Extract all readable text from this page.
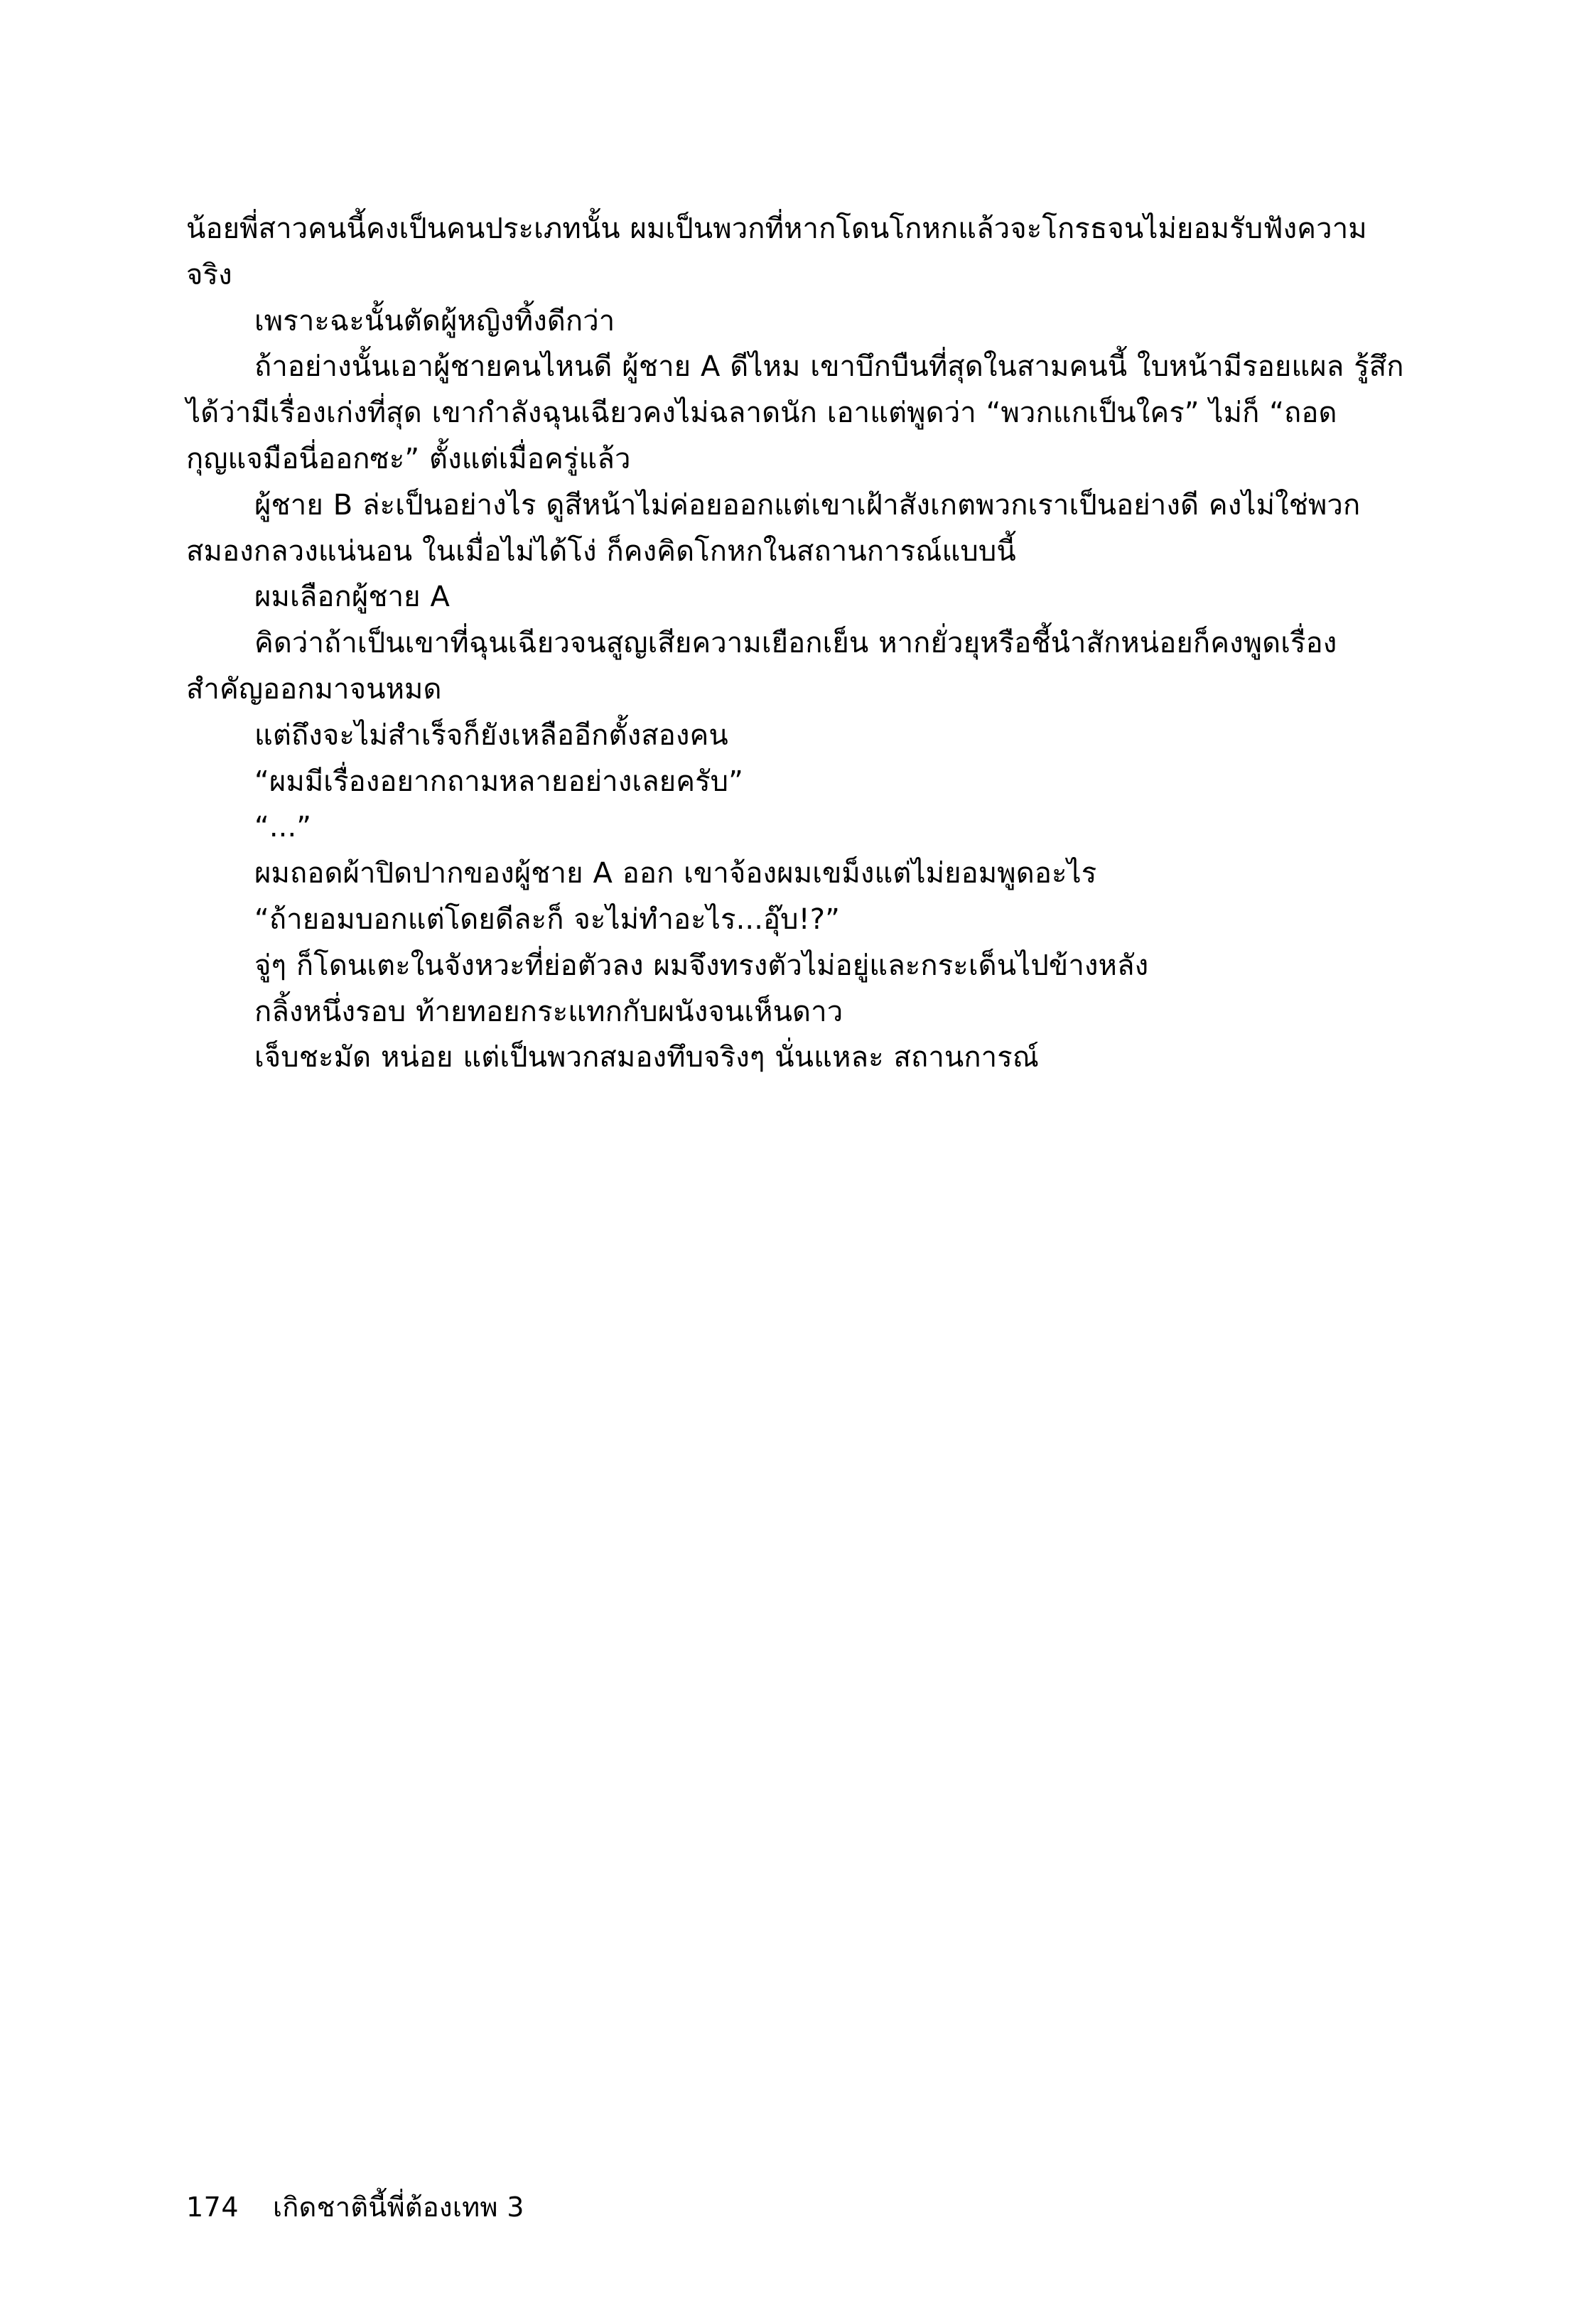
น้อยพี่สาวคนนี้คงเป็นคนประเภทนั้น ผมเป็นพวกที่หากโดนโกหกแล้วจะโกรธจนไม่ยอมรับฟังความจริง

เพราะฉะนั้นตัดผู้หญิงทิ้งดีกว่า

ถ้าอย่างนั้นเอาผู้ชายคนไหนดี ผู้ชาย A ดีไหม เขาบึกบืนที่สุดในสามคนนี้ ใบหน้ามีรอยแผล รู้สึกได้ว่ามีเรื่องเก่งที่สุด เขากำลังฉุนเฉียวคงไม่ฉลาดนัก เอาแต่พูดว่า “พวกแกเป็นใคร” ไม่ก็ “ถอดกุญแจมือนี่ออกซะ” ตั้งแต่เมื่อครู่แล้ว

ผู้ชาย B ล่ะเป็นอย่างไร ดูสีหน้าไม่ค่อยออกแต่เขาเฝ้าสังเกตพวกเราเป็นอย่างดี คงไม่ใช่พวกสมองกลวงแน่นอน ในเมื่อไม่ได้โง่ ก็คงคิดโกหกในสถานการณ์แบบนี้

ผมเลือกผู้ชาย A

คิดว่าถ้าเป็นเขาที่ฉุนเฉียวจนสูญเสียความเยือกเย็น หากยั่วยุหรือชี้นำสักหน่อยก็คงพูดเรื่องสำคัญออกมาจนหมด

แต่ถึงจะไม่สำเร็จก็ยังเหลืออีกตั้งสองคน

“ผมมีเรื่องอยากถามหลายอย่างเลยครับ”

“...”

ผมถอดผ้าปิดปากของผู้ชาย A ออก เขาจ้องผมเขม็งแต่ไม่ยอมพูดอะไร

“ถ้ายอมบอกแต่โดยดีละก็ จะไม่ทำอะไร...อุ๊บ!?”

จู่ๆ ก็โดนเตะในจังหวะที่ย่อตัวลง ผมจึงทรงตัวไม่อยู่และกระเด็นไปข้างหลัง

กลิ้งหนึ่งรอบ ท้ายทอยกระแทกกับผนังจนเห็นดาว

เจ็บชะมัด หน่อย แต่เป็นพวกสมองทึบจริงๆ นั่นแหละ สถานการณ์

174 เกิดชาตินี้พี่ต้องเทพ 3
